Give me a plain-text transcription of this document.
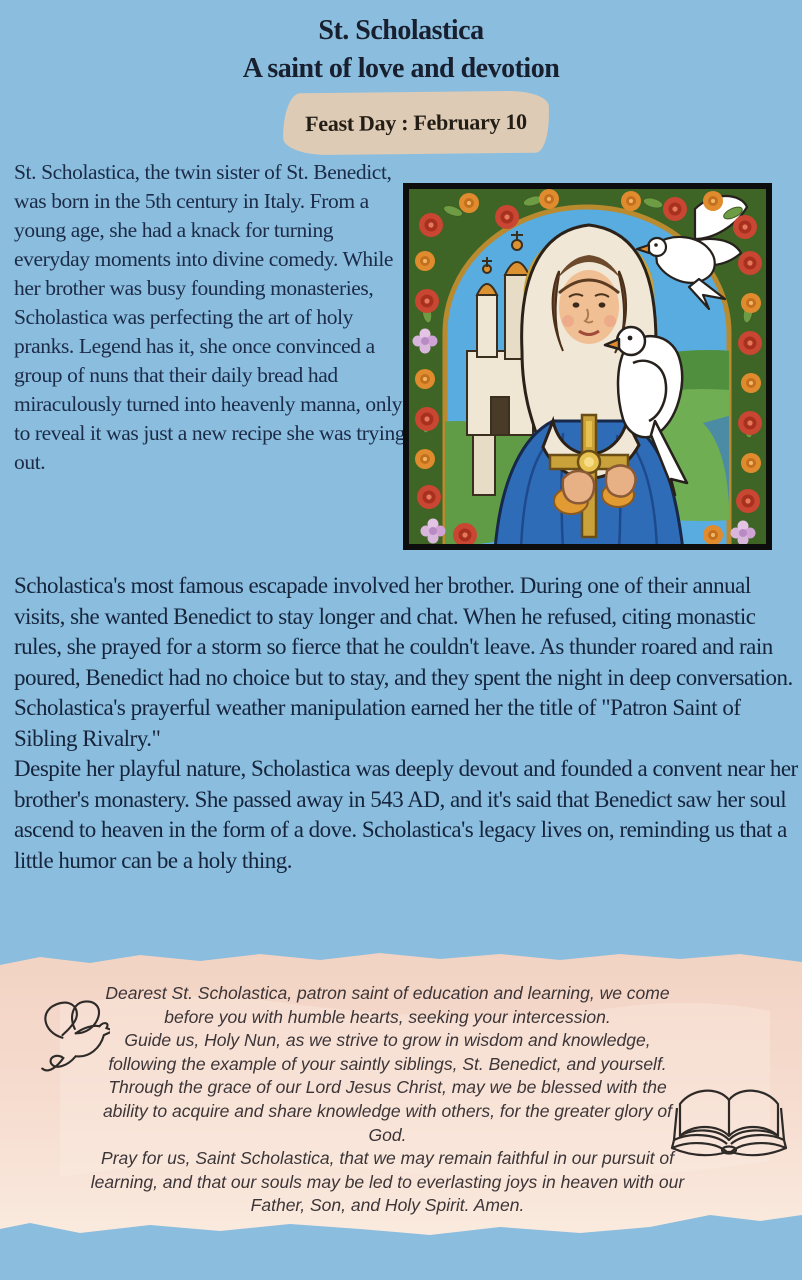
St. Scholastica
A saint of love and devotion
Feast Day : February 10

St. Scholastica, the twin sister of St. Benedict, was born in the 5th century in Italy. From a young age, she had a knack for turning everyday moments into divine comedy. While her brother was busy founding monasteries, Scholastica was perfecting the art of holy pranks. Legend has it, she once convinced a group of nuns that their daily bread had miraculously turned into heavenly manna, only to reveal it was just a new recipe she was trying out.

Scholastica's most famous escapade involved her brother. During one of their annual visits, she wanted Benedict to stay longer and chat. When he refused, citing monastic rules, she prayed for a storm so fierce that he couldn't leave. As thunder roared and rain poured, Benedict had no choice but to stay, and they spent the night in deep conversation. Scholastica's prayerful weather manipulation earned her the title of "Patron Saint of Sibling Rivalry."

Despite her playful nature, Scholastica was deeply devout and founded a convent near her brother's monastery. She passed away in 543 AD, and it's said that Benedict saw her soul ascend to heaven in the form of a dove. Scholastica's legacy lives on, reminding us that a little humor can be a holy thing.

Dearest St. Scholastica, patron saint of education and learning, we come before you with humble hearts, seeking your intercession.

Guide us, Holy Nun, as we strive to grow in wisdom and knowledge, following the example of your saintly siblings, St. Benedict, and yourself.

Through the grace of our Lord Jesus Christ, may we be blessed with the ability to acquire and share knowledge with others, for the greater glory of God.

Pray for us, Saint Scholastica, that we may remain faithful in our pursuit of learning, and that our souls may be led to everlasting joys in heaven with our Father, Son, and Holy Spirit. Amen.
